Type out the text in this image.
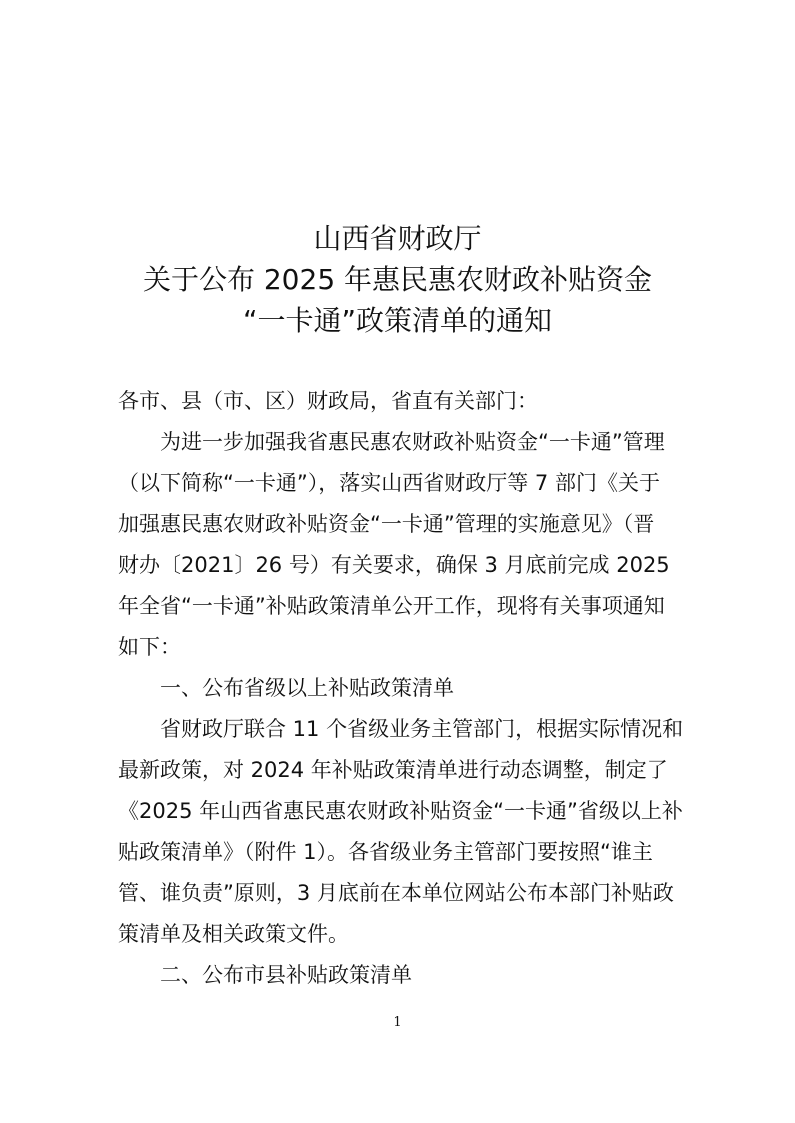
山西省财政厅
关于公布 2025 年惠民惠农财政补贴资金
“一卡通”政策清单的通知
各市、县（市、区）财政局，省直有关部门：
为进一步加强我省惠民惠农财政补贴资金“一卡通”管理
（以下简称“一卡通”），落实山西省财政厅等 7 部门《关于
加强惠民惠农财政补贴资金“一卡通”管理的实施意见》（晋
财办〔2021〕26 号）有关要求，确保 3 月底前完成 2025
年全省“一卡通”补贴政策清单公开工作，现将有关事项通知
如下：
一、公布省级以上补贴政策清单
省财政厅联合 11 个省级业务主管部门，根据实际情况和
最新政策，对 2024 年补贴政策清单进行动态调整，制定了
《2025 年山西省惠民惠农财政补贴资金“一卡通”省级以上补
贴政策清单》（附件 1）。各省级业务主管部门要按照“谁主
管、谁负责”原则，3 月底前在本单位网站公布本部门补贴政
策清单及相关政策文件。
二、公布市县补贴政策清单
1
